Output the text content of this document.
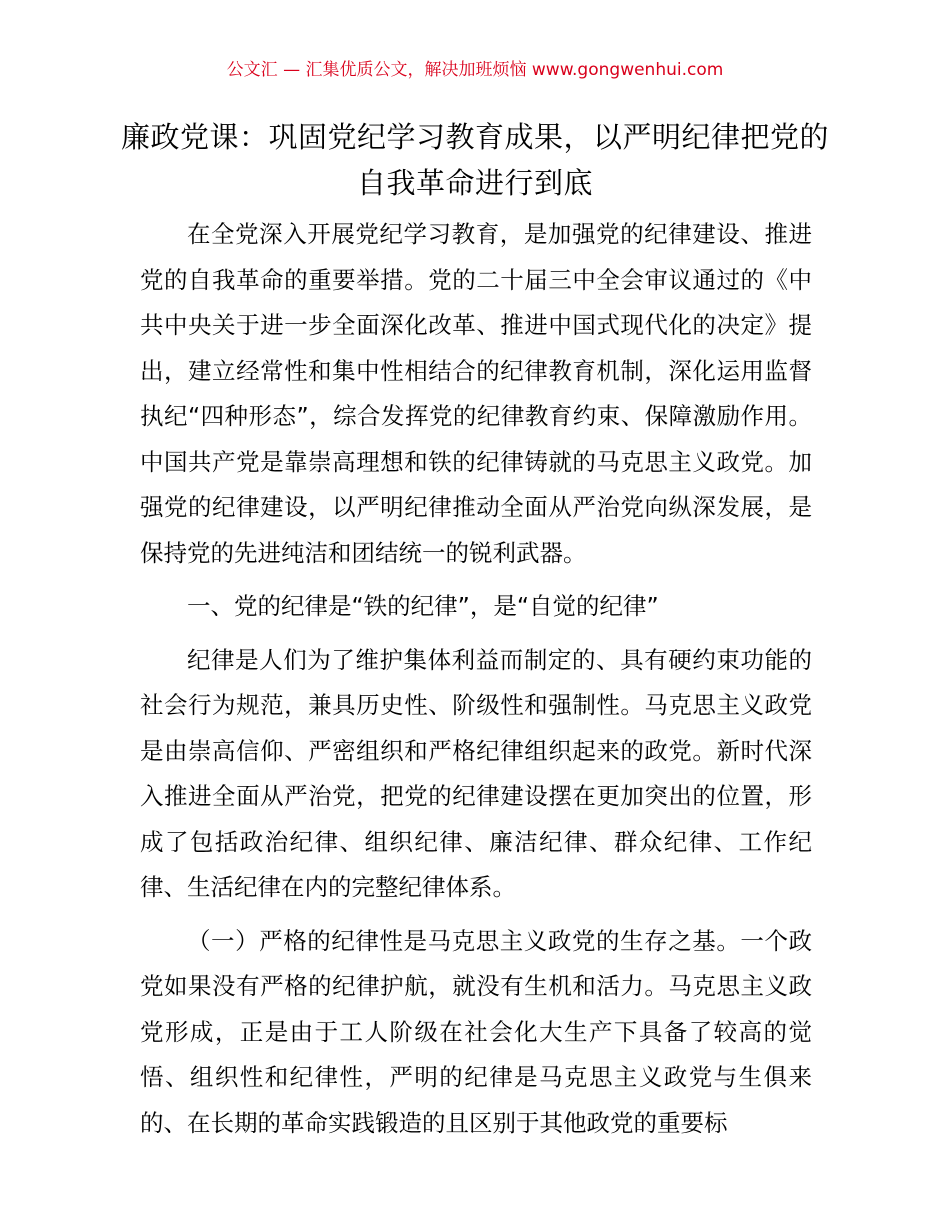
公文汇 — 汇集优质公文，解决加班烦恼 www.gongwenhui.com
廉政党课：巩固党纪学习教育成果，以严明纪律把党的自我革命进行到底

在全党深入开展党纪学习教育，是加强党的纪律建设、推进党的自我革命的重要举措。党的二十届三中全会审议通过的《中共中央关于进一步全面深化改革、推进中国式现代化的决定》提出，建立经常性和集中性相结合的纪律教育机制，深化运用监督执纪“四种形态”，综合发挥党的纪律教育约束、保障激励作用。中国共产党是靠崇高理想和铁的纪律铸就的马克思主义政党。加强党的纪律建设，以严明纪律推动全面从严治党向纵深发展，是保持党的先进纯洁和团结统一的锐利武器。

一、党的纪律是“铁的纪律”，是“自觉的纪律”

纪律是人们为了维护集体利益而制定的、具有硬约束功能的社会行为规范，兼具历史性、阶级性和强制性。马克思主义政党是由崇高信仰、严密组织和严格纪律组织起来的政党。新时代深入推进全面从严治党，把党的纪律建设摆在更加突出的位置，形成了包括政治纪律、组织纪律、廉洁纪律、群众纪律、工作纪律、生活纪律在内的完整纪律体系。

（一）严格的纪律性是马克思主义政党的生存之基。一个政党如果没有严格的纪律护航，就没有生机和活力。马克思主义政党形成，正是由于工人阶级在社会化大生产下具备了较高的觉悟、组织性和纪律性，严明的纪律是马克思主义政党与生俱来的、在长期的革命实践锻造的且区别于其他政党的重要标
